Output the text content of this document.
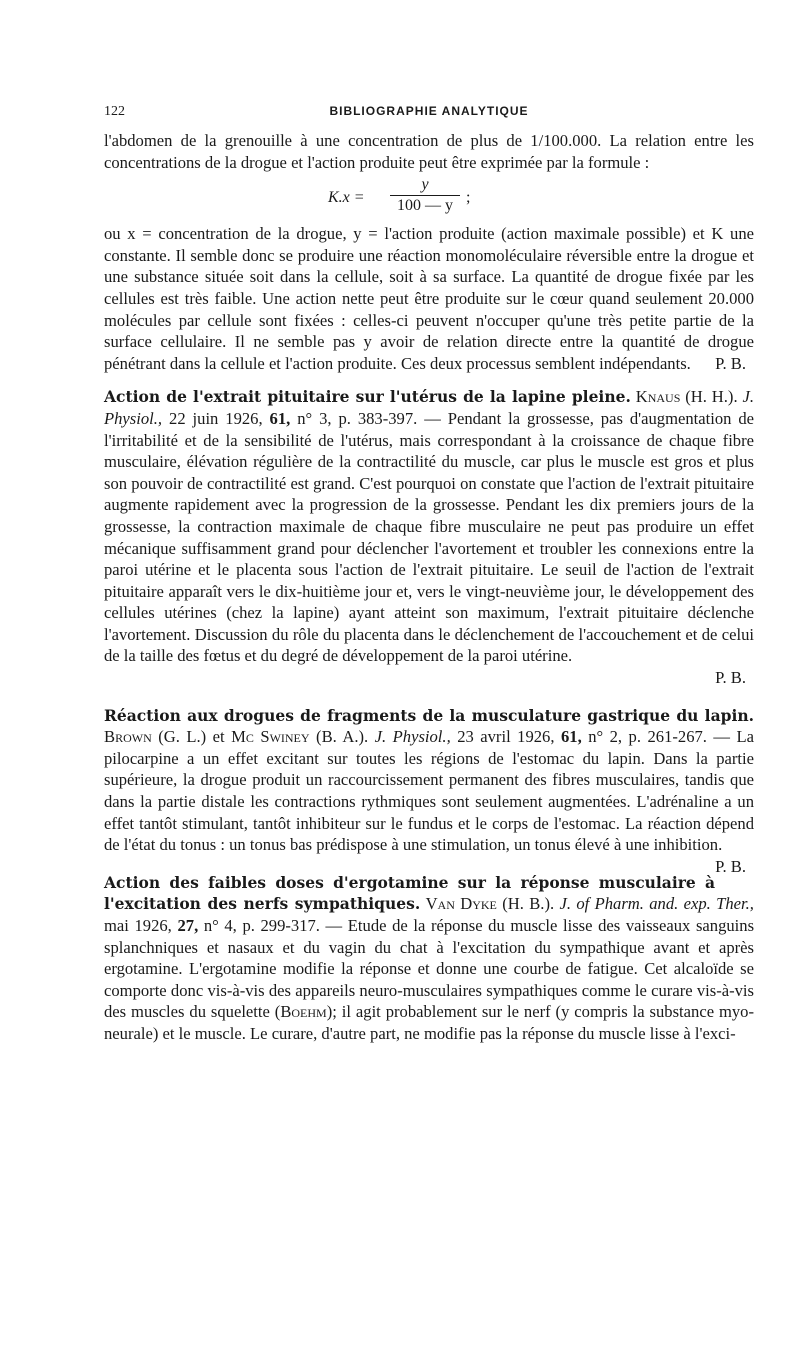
122	BIBLIOGRAPHIE ANALYTIQUE

l'abdomen de la grenouille à une concentration de plus de 1/100.000. La relation entre les concentrations de la drogue et l'action produite peut être exprimée par la formule :

$K.x = \frac{y}{100 — y}$ ;

ou x = concentration de la drogue, y = l'action produite (action maximale possible) et K une constante. Il semble donc se produire une réaction monomoléculaire réversible entre la drogue et une substance située soit dans la cellule, soit à sa surface. La quantité de drogue fixée par les cellules est très faible. Une action nette peut être produite sur le cœur quand seulement 20.000 molécules par cellule sont fixées : celles-ci peuvent n'occuper qu'une très petite partie de la surface cellulaire. Il ne semble pas y avoir de relation directe entre la quantité de drogue pénétrant dans la cellule et l'action produite. Ces deux processus semblent indépendants. P. B.

Action de l'extrait pituitaire sur l'utérus de la lapine pleine. Knaus (H. H.). J. Physiol., 22 juin 1926, 61, n° 3, p. 383-397. — Pendant la grossesse, pas d'augmentation de l'irritabilité et de la sensibilité de l'utérus, mais correspondant à la croissance de chaque fibre musculaire, élévation régulière de la contractilité du muscle, car plus le muscle est gros et plus son pouvoir de contractilité est grand. C'est pourquoi on constate que l'action de l'extrait pituitaire augmente rapidement avec la progression de la grossesse. Pendant les dix premiers jours de la grossesse, la contraction maximale de chaque fibre musculaire ne peut pas produire un effet mécanique suffisamment grand pour déclencher l'avortement et troubler les connexions entre la paroi utérine et le placenta sous l'action de l'extrait pituitaire. Le seuil de l'action de l'extrait pituitaire apparaît vers le dix-huitième jour et, vers le vingt-neuvième jour, le développement des cellules utérines (chez la lapine) ayant atteint son maximum, l'extrait pituitaire déclenche l'avortement. Discussion du rôle du placenta dans le déclenchement de l'accouchement et de celui de la taille des fœtus et du degré de développement de la paroi utérine.

P. B.

Réaction aux drogues de fragments de la musculature gastrique du lapin. Brown (G. L.) et Mc Swiney (B. A.). J. Physiol., 23 avril 1926, 61, n° 2, p. 261-267. — La pilocarpine a un effet excitant sur toutes les régions de l'estomac du lapin. Dans la partie supérieure, la drogue produit un raccourcissement permanent des fibres musculaires, tandis que dans la partie distale les contractions rythmiques sont seulement augmentées. L'adrénaline a un effet tantôt stimulant, tantôt inhibiteur sur le fundus et le corps de l'estomac. La réaction dépend de l'état du tonus : un tonus bas prédispose à une stimulation, un tonus élevé à une inhibition.
P. B.

Action des faibles doses d'ergotamine sur la réponse musculaire à l'excitation des nerfs sympathiques. Van Dyke (H. B.). J. of Pharm. and. exp. Ther., mai 1926, 27, n° 4, p. 299-317. — Etude de la réponse du muscle lisse des vaisseaux sanguins splanchniques et nasaux et du vagin du chat à l'excitation du sympathique avant et après ergotamine. L'ergotamine modifie la réponse et donne une courbe de fatigue. Cet alcaloïde se comporte donc vis-à-vis des appareils neuro-musculaires sympathiques comme le curare vis-à-vis des muscles du squelette (Boehm); il agit probablement sur le nerf (y compris la substance myo-neurale) et le muscle. Le curare, d'autre part, ne modifie pas la réponse du muscle lisse à l'exci-
